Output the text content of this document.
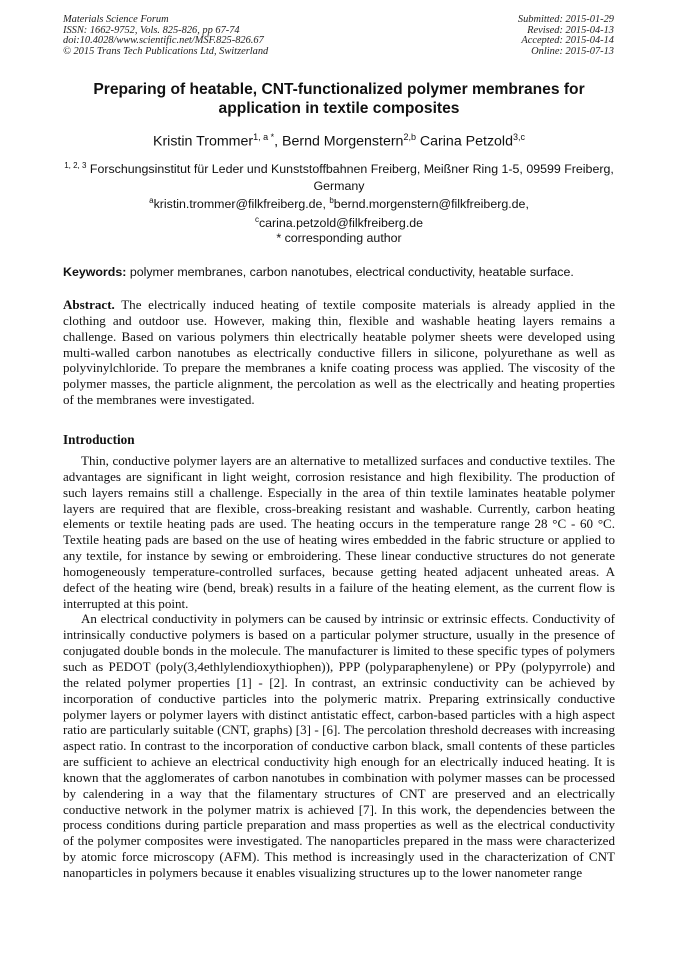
Materials Science Forum
ISSN: 1662-9752, Vols. 825-826, pp 67-74
doi:10.4028/www.scientific.net/MSF.825-826.67
© 2015 Trans Tech Publications Ltd, Switzerland
Submitted: 2015-01-29
Revised: 2015-04-13
Accepted: 2015-04-14
Online: 2015-07-13
Preparing of heatable, CNT-functionalized polymer membranes for application in textile composites
Kristin Trommer$^{1, a *}$, Bernd Morgenstern$^{2,b}$ Carina Petzold$^{3,c}$
$^{1, 2, 3}$ Forschungsinstitut für Leder und Kunststoffbahnen Freiberg, Meißner Ring 1-5, 09599 Freiberg, Germany
$^a$kristin.trommer@filkfreiberg.de, $^b$bernd.morgenstern@filkfreiberg.de,
$^c$carina.petzold@filkfreiberg.de
* corresponding author
Keywords: polymer membranes, carbon nanotubes, electrical conductivity, heatable surface.
Abstract. The electrically induced heating of textile composite materials is already applied in the clothing and outdoor use. However, making thin, flexible and washable heating layers remains a challenge. Based on various polymers thin electrically heatable polymer sheets were developed using multi-walled carbon nanotubes as electrically conductive fillers in silicone, polyurethane as well as polyvinylchloride. To prepare the membranes a knife coating process was applied. The viscosity of the polymer masses, the particle alignment, the percolation as well as the electrically and heating properties of the membranes were investigated.
Introduction

Thin, conductive polymer layers are an alternative to metallized surfaces and conductive textiles. The advantages are significant in light weight, corrosion resistance and high flexibility. The production of such layers remains still a challenge. Especially in the area of thin textile laminates heatable polymer layers are required that are flexible, cross-breaking resistant and washable. Currently, carbon heating elements or textile heating pads are used. The heating occurs in the temperature range 28 °C - 60 °C. Textile heating pads are based on the use of heating wires embedded in the fabric structure or applied to any textile, for instance by sewing or embroidering. These linear conductive structures do not generate homogeneously temperature-controlled surfaces, because getting heated adjacent unheated areas. A defect of the heating wire (bend, break) results in a failure of the heating element, as the current flow is interrupted at this point.

An electrical conductivity in polymers can be caused by intrinsic or extrinsic effects. Conductivity of intrinsically conductive polymers is based on a particular polymer structure, usually in the presence of conjugated double bonds in the molecule. The manufacturer is limited to these specific types of polymers such as PEDOT (poly(3,4ethlylendioxythiophen)), PPP (polyparaphenylene) or PPy (polypyrrole) and the related polymer properties [1] - [2]. In contrast, an extrinsic conductivity can be achieved by incorporation of conductive particles into the polymeric matrix. Preparing extrinsically conductive polymer layers or polymer layers with distinct antistatic effect, carbon-based particles with a high aspect ratio are particularly suitable (CNT, graphs) [3] - [6]. The percolation threshold decreases with increasing aspect ratio. In contrast to the incorporation of conductive carbon black, small contents of these particles are sufficient to achieve an electrical conductivity high enough for an electrically induced heating. It is known that the agglomerates of carbon nanotubes in combination with polymer masses can be processed by calendering in a way that the filamentary structures of CNT are preserved and an electrically conductive network in the polymer matrix is achieved [7]. In this work, the dependencies between the process conditions during particle preparation and mass properties as well as the electrical conductivity of the polymer composites were investigated. The nanoparticles prepared in the mass were characterized by atomic force microscopy (AFM). This method is increasingly used in the characterization of CNT nanoparticles in polymers because it enables visualizing structures up to the lower nanometer range
